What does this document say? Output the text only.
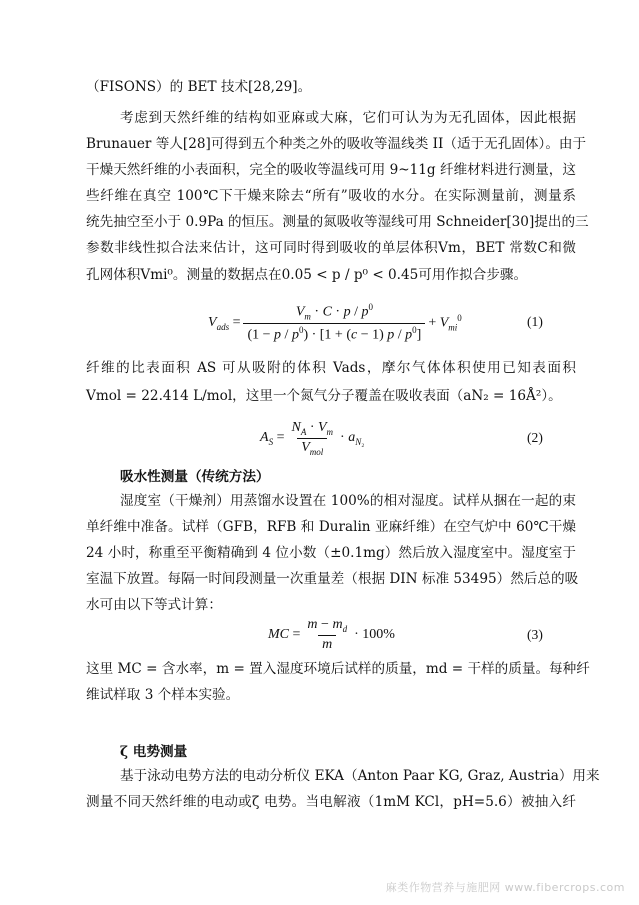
（FISONS）的 BET 技术[28,29]。
考虑到天然纤维的结构如亚麻或大麻，它们可认为为无孔固体，因此根据
Brunauer 等人[28]可得到五个种类之外的吸收等温线类 II（适于无孔固体）。由于
干燥天然纤维的小表面积，完全的吸收等温线可用 9~11g 纤维材料进行测量，这
些纤维在真空 100℃下干燥来除去“所有”吸收的水分。在实际测量前，测量系
统先抽空至小于 0.9Pa 的恒压。测量的氮吸收等湿线可用 Schneider[30]提出的三
参数非线性拟合法来估计，这可同时得到吸收的单层体积Vm，BET 常数C和微
孔网体积Vmi⁰。测量的数据点在0.05 < p / p⁰ < 0.45可用作拟合步骤。
$V_{ads} = \frac{V_m \cdot C \cdot p / p^0}{(1 - p / p^0) \cdot [1 + (c - 1) p / p^0]} + V_{mi}^0$	(1)
纤维的比表面积 AS 可从吸附的体积 Vads，摩尔气体体积使用已知表面积
Vmol = 22.414 L/mol，这里一个氮气分子覆盖在吸收表面（aN₂ = 16Å²）。
$A_S = \frac{N_A \cdot V_m}{V_{mol}} \cdot a_{N_2}$	(2)
吸水性测量（传统方法）
湿度室（干燥剂）用蒸馏水设置在 100%的相对湿度。试样从捆在一起的束
单纤维中准备。试样（GFB，RFB 和 Duralin 亚麻纤维）在空气炉中 60℃干燥
24 小时，称重至平衡精确到 4 位小数（±0.1mg）然后放入湿度室中。湿度室于
室温下放置。每隔一时间段测量一次重量差（根据 DIN 标准 53495）然后总的吸
水可由以下等式计算：
MC = $\frac{m - m_d}{m} \cdot 100\%$	(3)
这里 MC = 含水率，m = 置入湿度环境后试样的质量，md = 干样的质量。每种纤
维试样取 3 个样本实验。
ζ 电势测量
基于泳动电势方法的电动分析仪 EKA（Anton Paar KG, Graz, Austria）用来
测量不同天然纤维的电动或ζ 电势。当电解液（1mM KCl，pH=5.6）被抽入纤
麻类作物营养与施肥网 www.fibercrops.com
